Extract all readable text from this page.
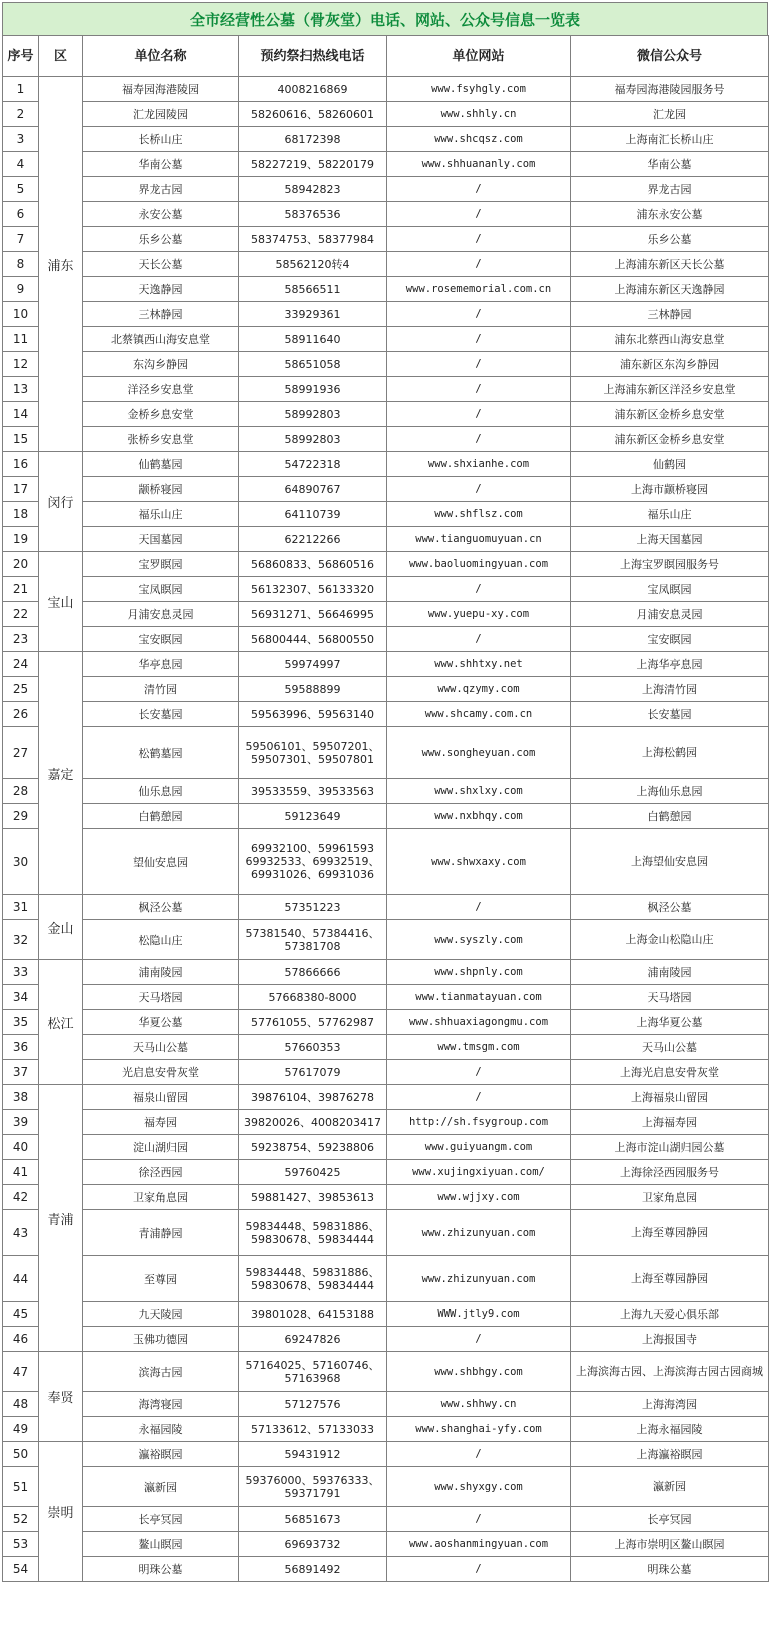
全市经营性公墓（骨灰堂）电话、网站、公众号信息一览表
序号	区	单位名称	预约祭扫热线电话	单位网站	微信公众号
1	浦东	福寿园海港陵园	4008216869	www.fsyhgly.com	福寿园海港陵园服务号
2		汇龙园陵园	58260616、58260601	www.shhly.cn	汇龙园
3		长桥山庄	68172398	www.shcqsz.com	上海南汇长桥山庄
4		华南公墓	58227219、58220179	www.shhuananly.com	华南公墓
5		界龙古园	58942823	/	界龙古园
6		永安公墓	58376536	/	浦东永安公墓
7		乐乡公墓	58374753、58377984	/	乐乡公墓
8		天长公墓	58562120转4	/	上海浦东新区天长公墓
9		天逸静园	58566511	www.rosememorial.com.cn	上海浦东新区天逸静园
10		三林静园	33929361	/	三林静园
11		北蔡镇西山海安息堂	58911640	/	浦东北蔡西山海安息堂
12		东沟乡静园	58651058	/	浦东新区东沟乡静园
13		洋泾乡安息堂	58991936	/	上海浦东新区洋泾乡安息堂
14		金桥乡息安堂	58992803	/	浦东新区金桥乡息安堂
15		张桥乡安息堂	58992803	/	浦东新区金桥乡息安堂
16	闵行	仙鹤墓园	54722318	www.shxianhe.com	仙鹤园
17		颛桥寝园	64890767	/	上海市颛桥寝园
18		福乐山庄	64110739	www.shflsz.com	福乐山庄
19		天国墓园	62212266	www.tianguomuyuan.cn	上海天国墓园
20	宝山	宝罗瞑园	56860833、56860516	www.baoluomingyuan.com	上海宝罗瞑园服务号
21		宝凤瞑园	56132307、56133320	/	宝凤瞑园
22		月浦安息灵园	56931271、56646995	www.yuepu-xy.com	月浦安息灵园
23		宝安瞑园	56800444、56800550	/	宝安瞑园
24	嘉定	华亭息园	59974997	www.shhtxy.net	上海华亭息园
25		清竹园	59588899	www.qzymy.com	上海清竹园
26		长安墓园	59563996、59563140	www.shcamy.com.cn	长安墓园
27		松鹤墓园	59506101、59507201、59507301、59507801	www.songheyuan.com	上海松鹤园
28		仙乐息园	39533559、39533563	www.shxlxy.com	上海仙乐息园
29		白鹤憩园	59123649	www.nxbhqy.com	白鹤憩园
30		望仙安息园	69932100、59961593 69932533、69932519、69931026、69931036	www.shwxaxy.com	上海望仙安息园
31	金山	枫泾公墓	57351223	/	枫泾公墓
32		松隐山庄	57381540、57384416、57381708	www.syszly.com	上海金山松隐山庄
33	松江	浦南陵园	57866666	www.shpnly.com	浦南陵园
34		天马塔园	57668380-8000	www.tianmatayuan.com	天马塔园
35		华夏公墓	57761055、57762987	www.shhuaxiagongmu.com	上海华夏公墓
36		天马山公墓	57660353	www.tmsgm.com	天马山公墓
37		光启息安骨灰堂	57617079	/	上海光启息安骨灰堂
38	青浦	福泉山留园	39876104、39876278	/	上海福泉山留园
39		福寿园	39820026、4008203417	http://sh.fsygroup.com	上海福寿园
40		淀山湖归园	59238754、59238806	www.guiyuangm.com	上海市淀山湖归园公墓
41		徐泾西园	59760425	www.xujingxiyuan.com/	上海徐泾西园服务号
42		卫家角息园	59881427、39853613	www.wjjxy.com	卫家角息园
43		青浦静园	59834448、59831886、59830678、59834444	www.zhizunyuan.com	上海至尊园静园
44		至尊园	59834448、59831886、59830678、59834444	www.zhizunyuan.com	上海至尊园静园
45		九天陵园	39801028、64153188	WWW.jtly9.com	上海九天爱心俱乐部
46		玉佛功德园	69247826	/	上海报国寺
47	奉贤	滨海古园	57164025、57160746、57163968	www.shbhgy.com	上海滨海古园、上海滨海古园古园商城
48		海湾寝园	57127576	www.shhwy.cn	上海海湾园
49		永福园陵	57133612、57133033	www.shanghai-yfy.com	上海永福园陵
50	崇明	瀛裕瞑园	59431912	/	上海瀛裕瞑园
51		瀛新园	59376000、59376333、59371791	www.shyxgy.com	瀛新园
52		长亭冥园	56851673	/	长亭冥园
53		鳌山瞑园	69693732	www.aoshanmingyuan.com	上海市崇明区鳌山瞑园
54		明珠公墓	56891492	/	明珠公墓
